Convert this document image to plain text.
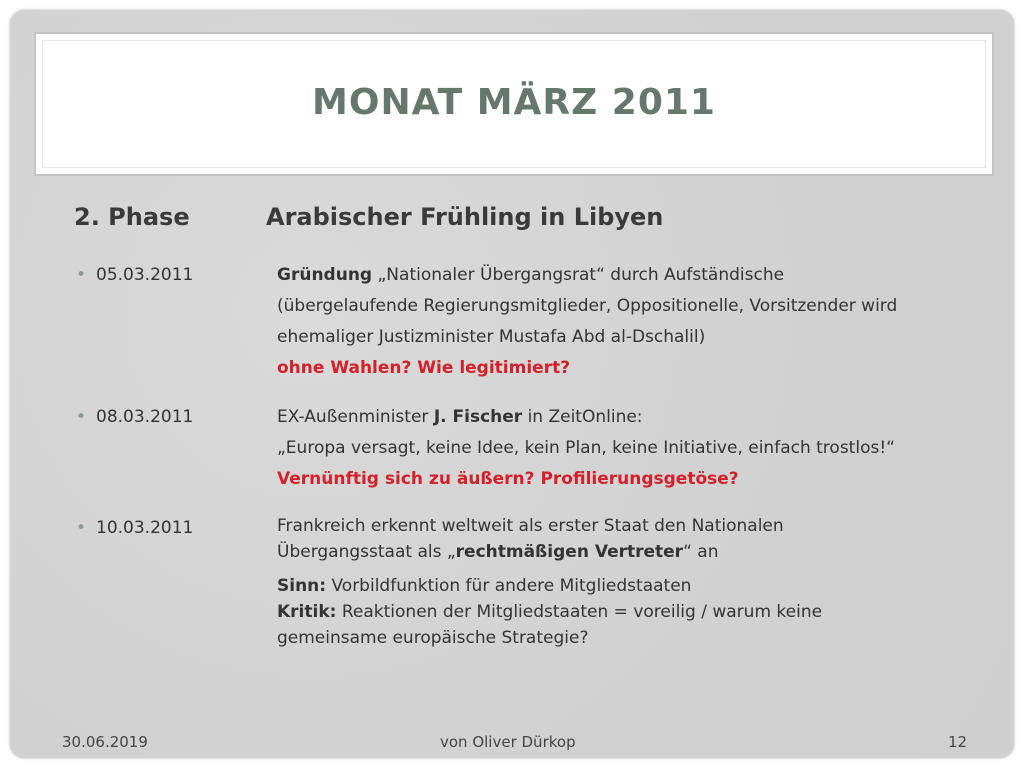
MONAT MÄRZ 2011
2. Phase	Arabischer Frühling in Libyen
• 05.03.2011	Gründung „Nationaler Übergangsrat“ durch Aufständische
(übergelaufende Regierungsmitglieder, Oppositionelle, Vorsitzender wird
ehemaliger Justizminister Mustafa Abd al-Dschalil)
ohne Wahlen? Wie legitimiert?
• 08.03.2011	EX-Außenminister J. Fischer in ZeitOnline:
„Europa versagt, keine Idee, kein Plan, keine Initiative, einfach trostlos!“
Vernünftig sich zu äußern? Profilierungsgetöse?
• 10.03.2011	Frankreich erkennt weltweit als erster Staat den Nationalen
Übergangsstaat als „rechtmäßigen Vertreter“ an
Sinn: Vorbildfunktion für andere Mitgliedstaaten
Kritik: Reaktionen der Mitgliedstaaten = voreilig / warum keine
gemeinsame europäische Strategie?
30.06.2019	von Oliver Dürkop	12
